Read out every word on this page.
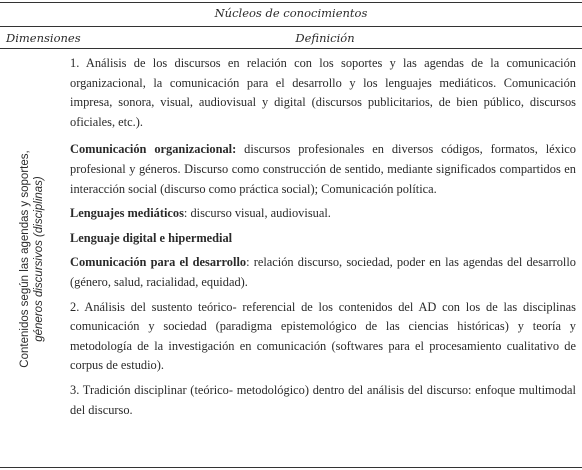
Núcleos de conocimientos
Dimensiones	Definición
Contenidos según las agendas y soportes, géneros discursivos (disciplinas)

1. Análisis de los discursos en relación con los soportes y las agendas de la comunicación organizacional, la comunicación para el desarrollo y los lenguajes mediáticos. Comunicación impresa, sonora, visual, audiovisual y digital (discursos publicitarios, de bien público, discursos oficiales, etc.).

Comunicación organizacional: discursos profesionales en diversos códigos, formatos, léxico profesional y géneros. Discurso como construcción de sentido, mediante significados compartidos en interacción social (discurso como práctica social); Comunicación política.

Lenguajes mediáticos: discurso visual, audiovisual.

Lenguaje digital e hipermedial

Comunicación para el desarrollo: relación discurso, sociedad, poder en las agendas del desarrollo (género, salud, racialidad, equidad).

2. Análisis del sustento teórico- referencial de los contenidos del AD con los de las disciplinas comunicación y sociedad (paradigma epistemológico de las ciencias históricas) y teoría y metodología de la investigación en comunicación (softwares para el procesamiento cualitativo de corpus de estudio).

3. Tradición disciplinar (teórico- metodológico) dentro del análisis del discurso: enfoque multimodal del discurso.
